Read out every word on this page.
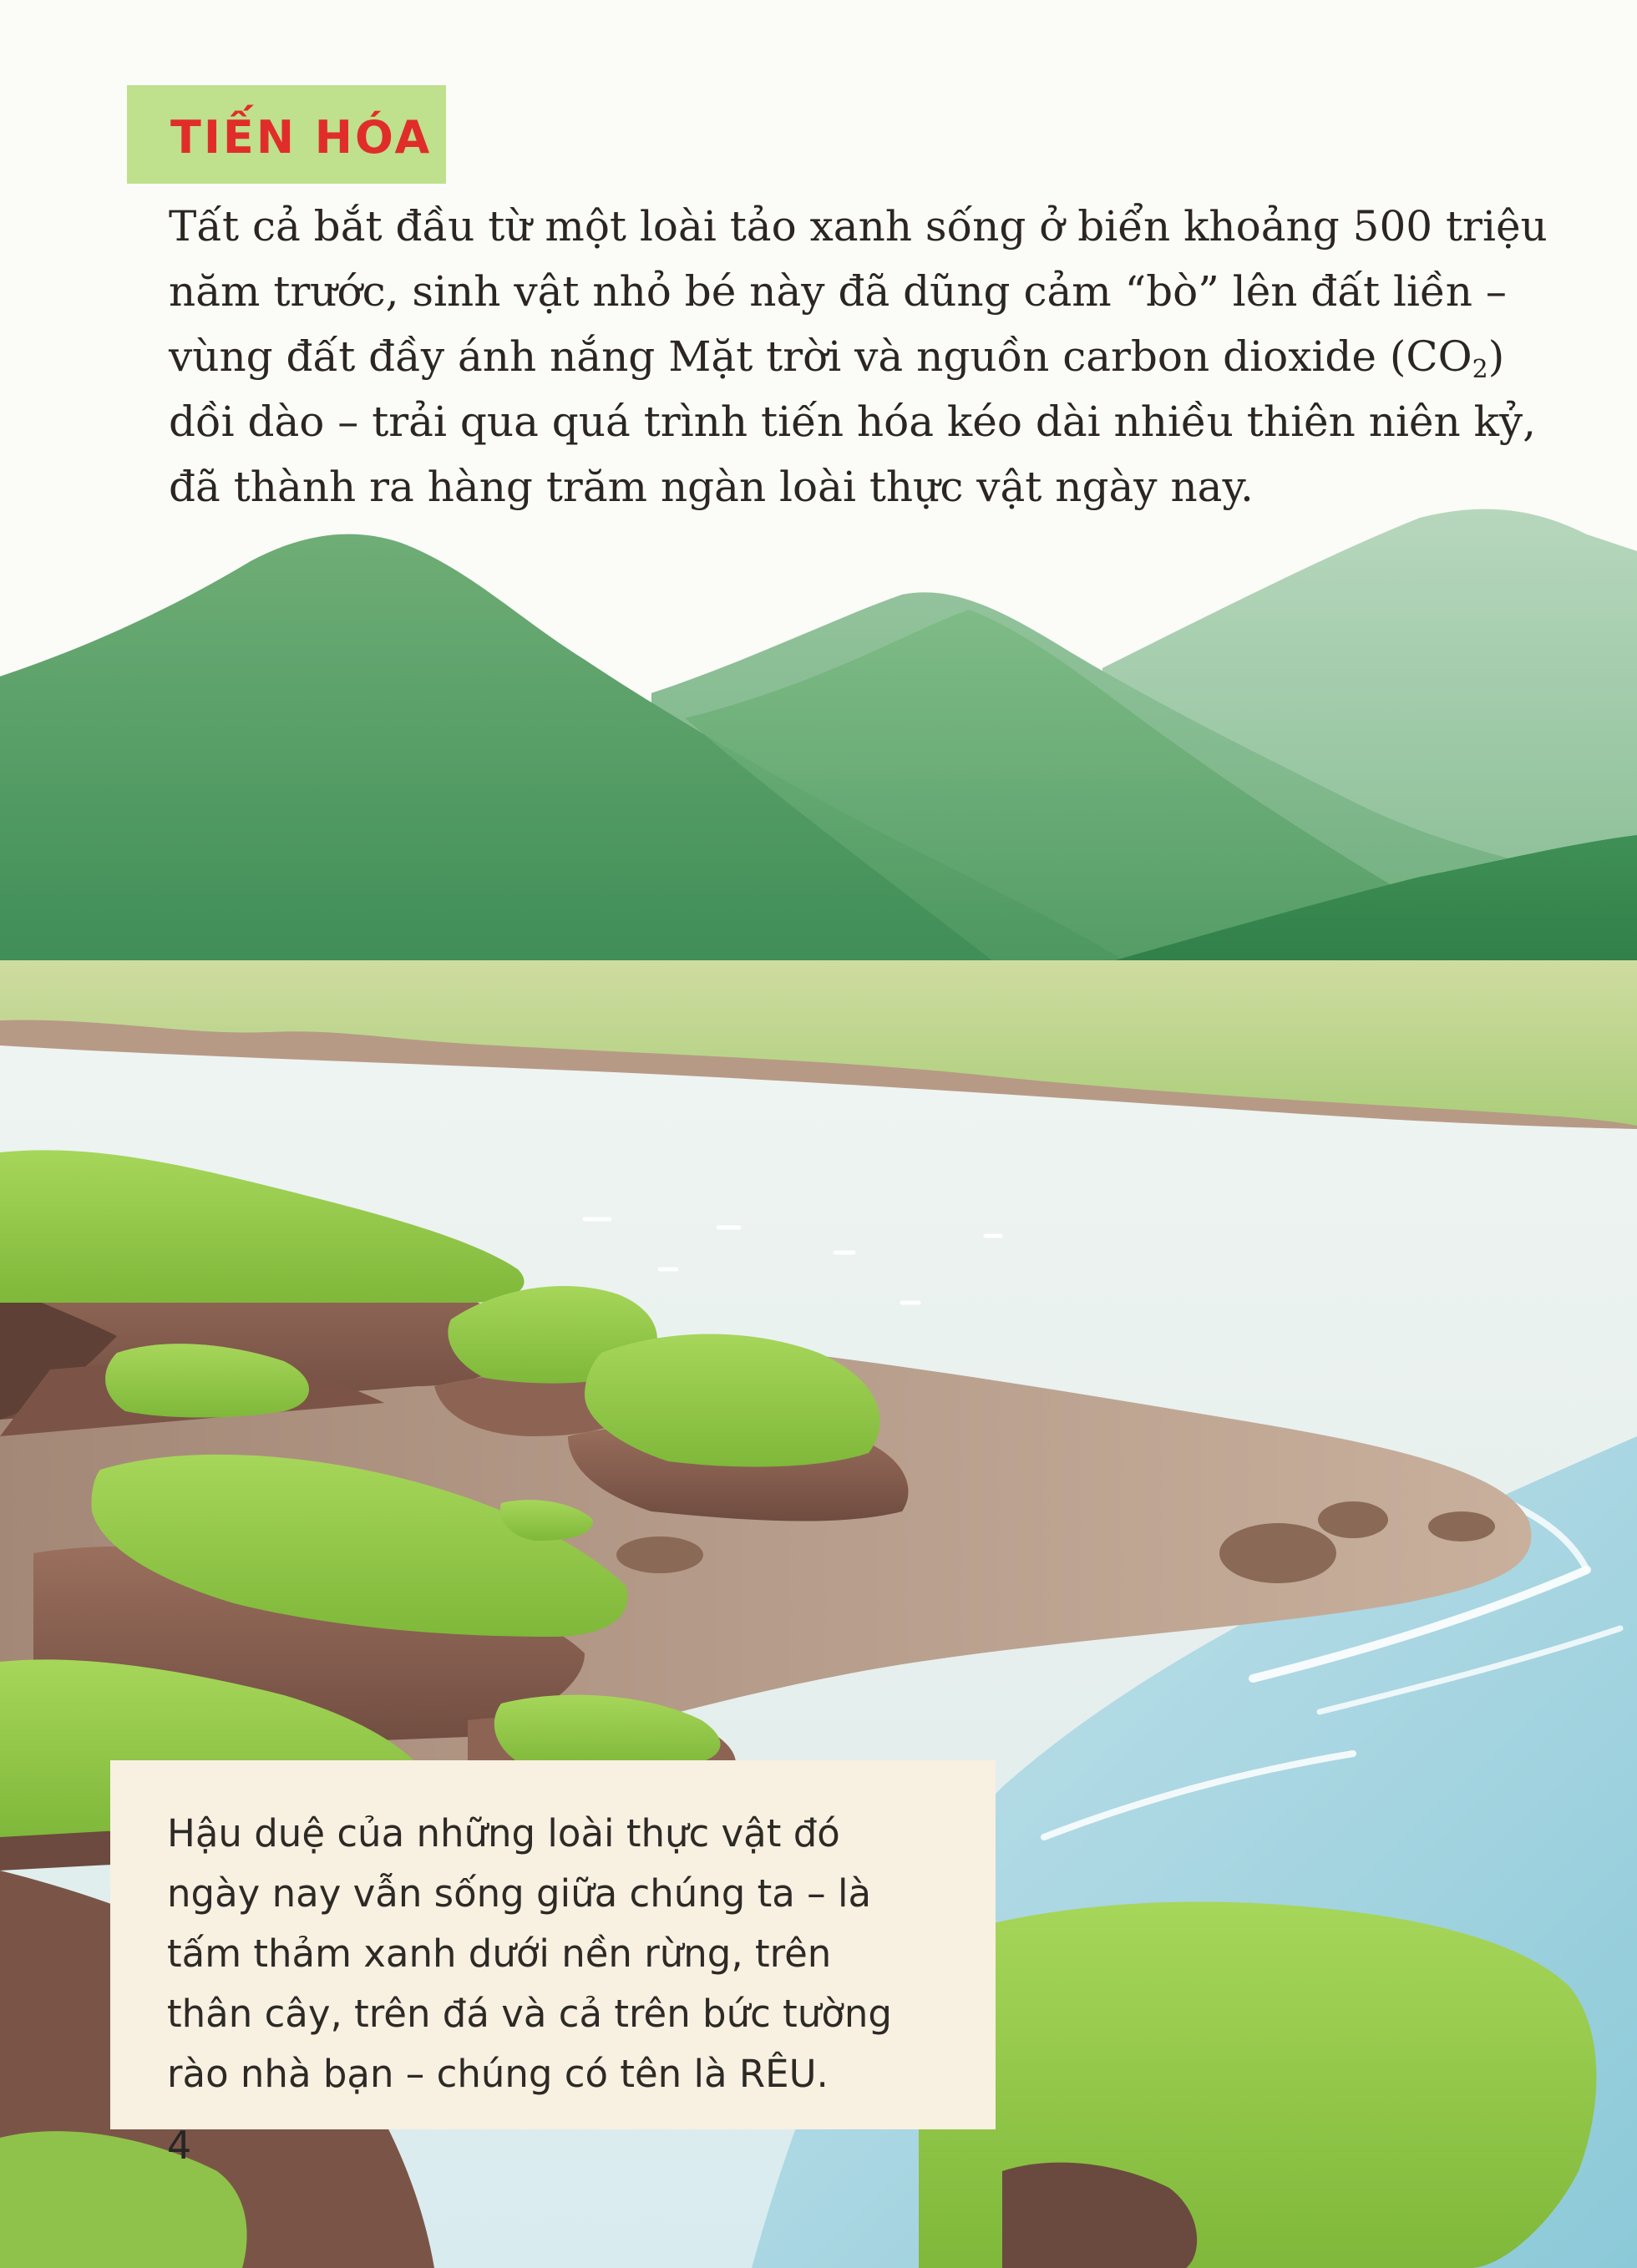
TIẾN HÓA

Tất cả bắt đầu từ một loài tảo xanh sống ở biển khoảng 500 triệu

năm trước, sinh vật nhỏ bé này đã dũng cảm “bò” lên đất liền –

vùng đất đầy ánh nắng Mặt trời và nguồn carbon dioxide $(CO_2)$

dồi dào – trải qua quá trình tiến hóa kéo dài nhiều thiên niên kỷ,

đã thành ra hàng trăm ngàn loài thực vật ngày nay.

Hậu duệ của những loài thực vật đó

ngày nay vẫn sống giữa chúng ta – là

tấm thảm xanh dưới nền rừng, trên

thân cây, trên đá và cả trên bức tường

rào nhà bạn – chúng có tên là RÊU.

4
